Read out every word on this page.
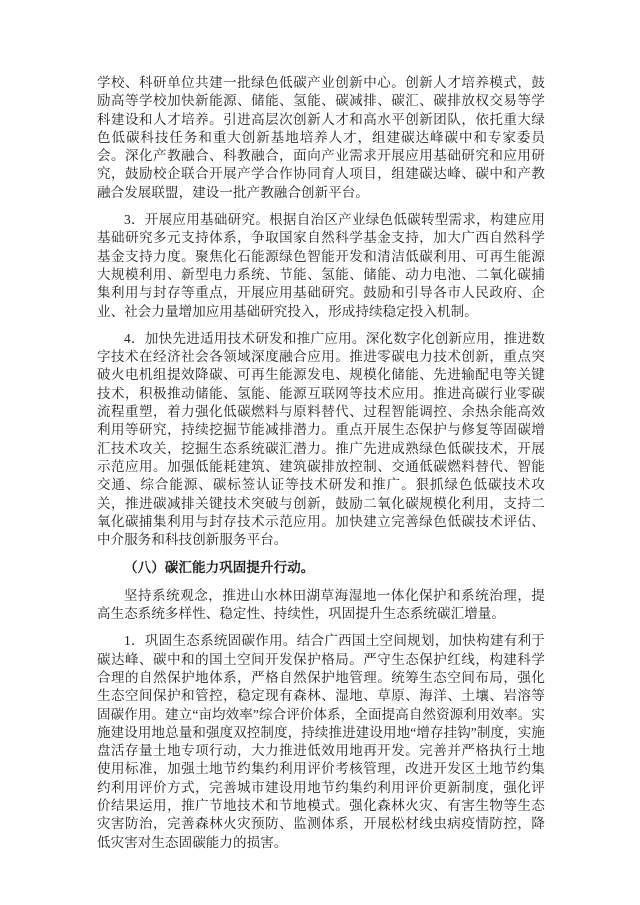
学校、科研单位共建一批绿色低碳产业创新中心。创新人才培养模式，鼓励高等学校加快新能源、储能、氢能、碳减排、碳汇、碳排放权交易等学科建设和人才培养。引进高层次创新人才和高水平创新团队，依托重大绿色低碳科技任务和重大创新基地培养人才，组建碳达峰碳中和专家委员会。深化产教融合、科教融合，面向产业需求开展应用基础研究和应用研究，鼓励校企联合开展产学合作协同育人项目，组建碳达峰、碳中和产教融合发展联盟，建设一批产教融合创新平台。

3．开展应用基础研究。根据自治区产业绿色低碳转型需求，构建应用基础研究多元支持体系，争取国家自然科学基金支持，加大广西自然科学基金支持力度。聚焦化石能源绿色智能开发和清洁低碳利用、可再生能源大规模利用、新型电力系统、节能、氢能、储能、动力电池、二氧化碳捕集利用与封存等重点，开展应用基础研究。鼓励和引导各市人民政府、企业、社会力量增加应用基础研究投入，形成持续稳定投入机制。

4．加快先进适用技术研发和推广应用。深化数字化创新应用，推进数字技术在经济社会各领域深度融合应用。推进零碳电力技术创新，重点突破火电机组提效降碳、可再生能源发电、规模化储能、先进输配电等关键技术，积极推动储能、氢能、能源互联网等技术应用。推进高碳行业零碳流程重塑，着力强化低碳燃料与原料替代、过程智能调控、余热余能高效利用等研究，持续挖掘节能减排潜力。重点开展生态保护与修复等固碳增汇技术攻关，挖掘生态系统碳汇潜力。推广先进成熟绿色低碳技术，开展示范应用。加强低能耗建筑、建筑碳排放控制、交通低碳燃料替代、智能交通、综合能源、碳标签认证等技术研发和推广。狠抓绿色低碳技术攻关，推进碳减排关键技术突破与创新，鼓励二氧化碳规模化利用，支持二氧化碳捕集利用与封存技术示范应用。加快建立完善绿色低碳技术评估、中介服务和科技创新服务平台。

（八）碳汇能力巩固提升行动。

坚持系统观念，推进山水林田湖草海湿地一体化保护和系统治理，提高生态系统多样性、稳定性、持续性，巩固提升生态系统碳汇增量。

1．巩固生态系统固碳作用。结合广西国土空间规划，加快构建有利于碳达峰、碳中和的国土空间开发保护格局。严守生态保护红线，构建科学合理的自然保护地体系，严格自然保护地管理。统筹生态空间布局，强化生态空间保护和管控，稳定现有森林、湿地、草原、海洋、土壤、岩溶等固碳作用。建立“亩均效率”综合评价体系，全面提高自然资源利用效率。实施建设用地总量和强度双控制度，持续推进建设用地“增存挂钩”制度，实施盘活存量土地专项行动，大力推进低效用地再开发。完善并严格执行土地使用标准，加强土地节约集约利用评价考核管理，改进开发区土地节约集约利用评价方式，完善城市建设用地节约集约利用评价更新制度，强化评价结果运用，推广节地技术和节地模式。强化森林火灾、有害生物等生态灾害防治，完善森林火灾预防、监测体系，开展松材线虫病疫情防控，降低灾害对生态固碳能力的损害。
